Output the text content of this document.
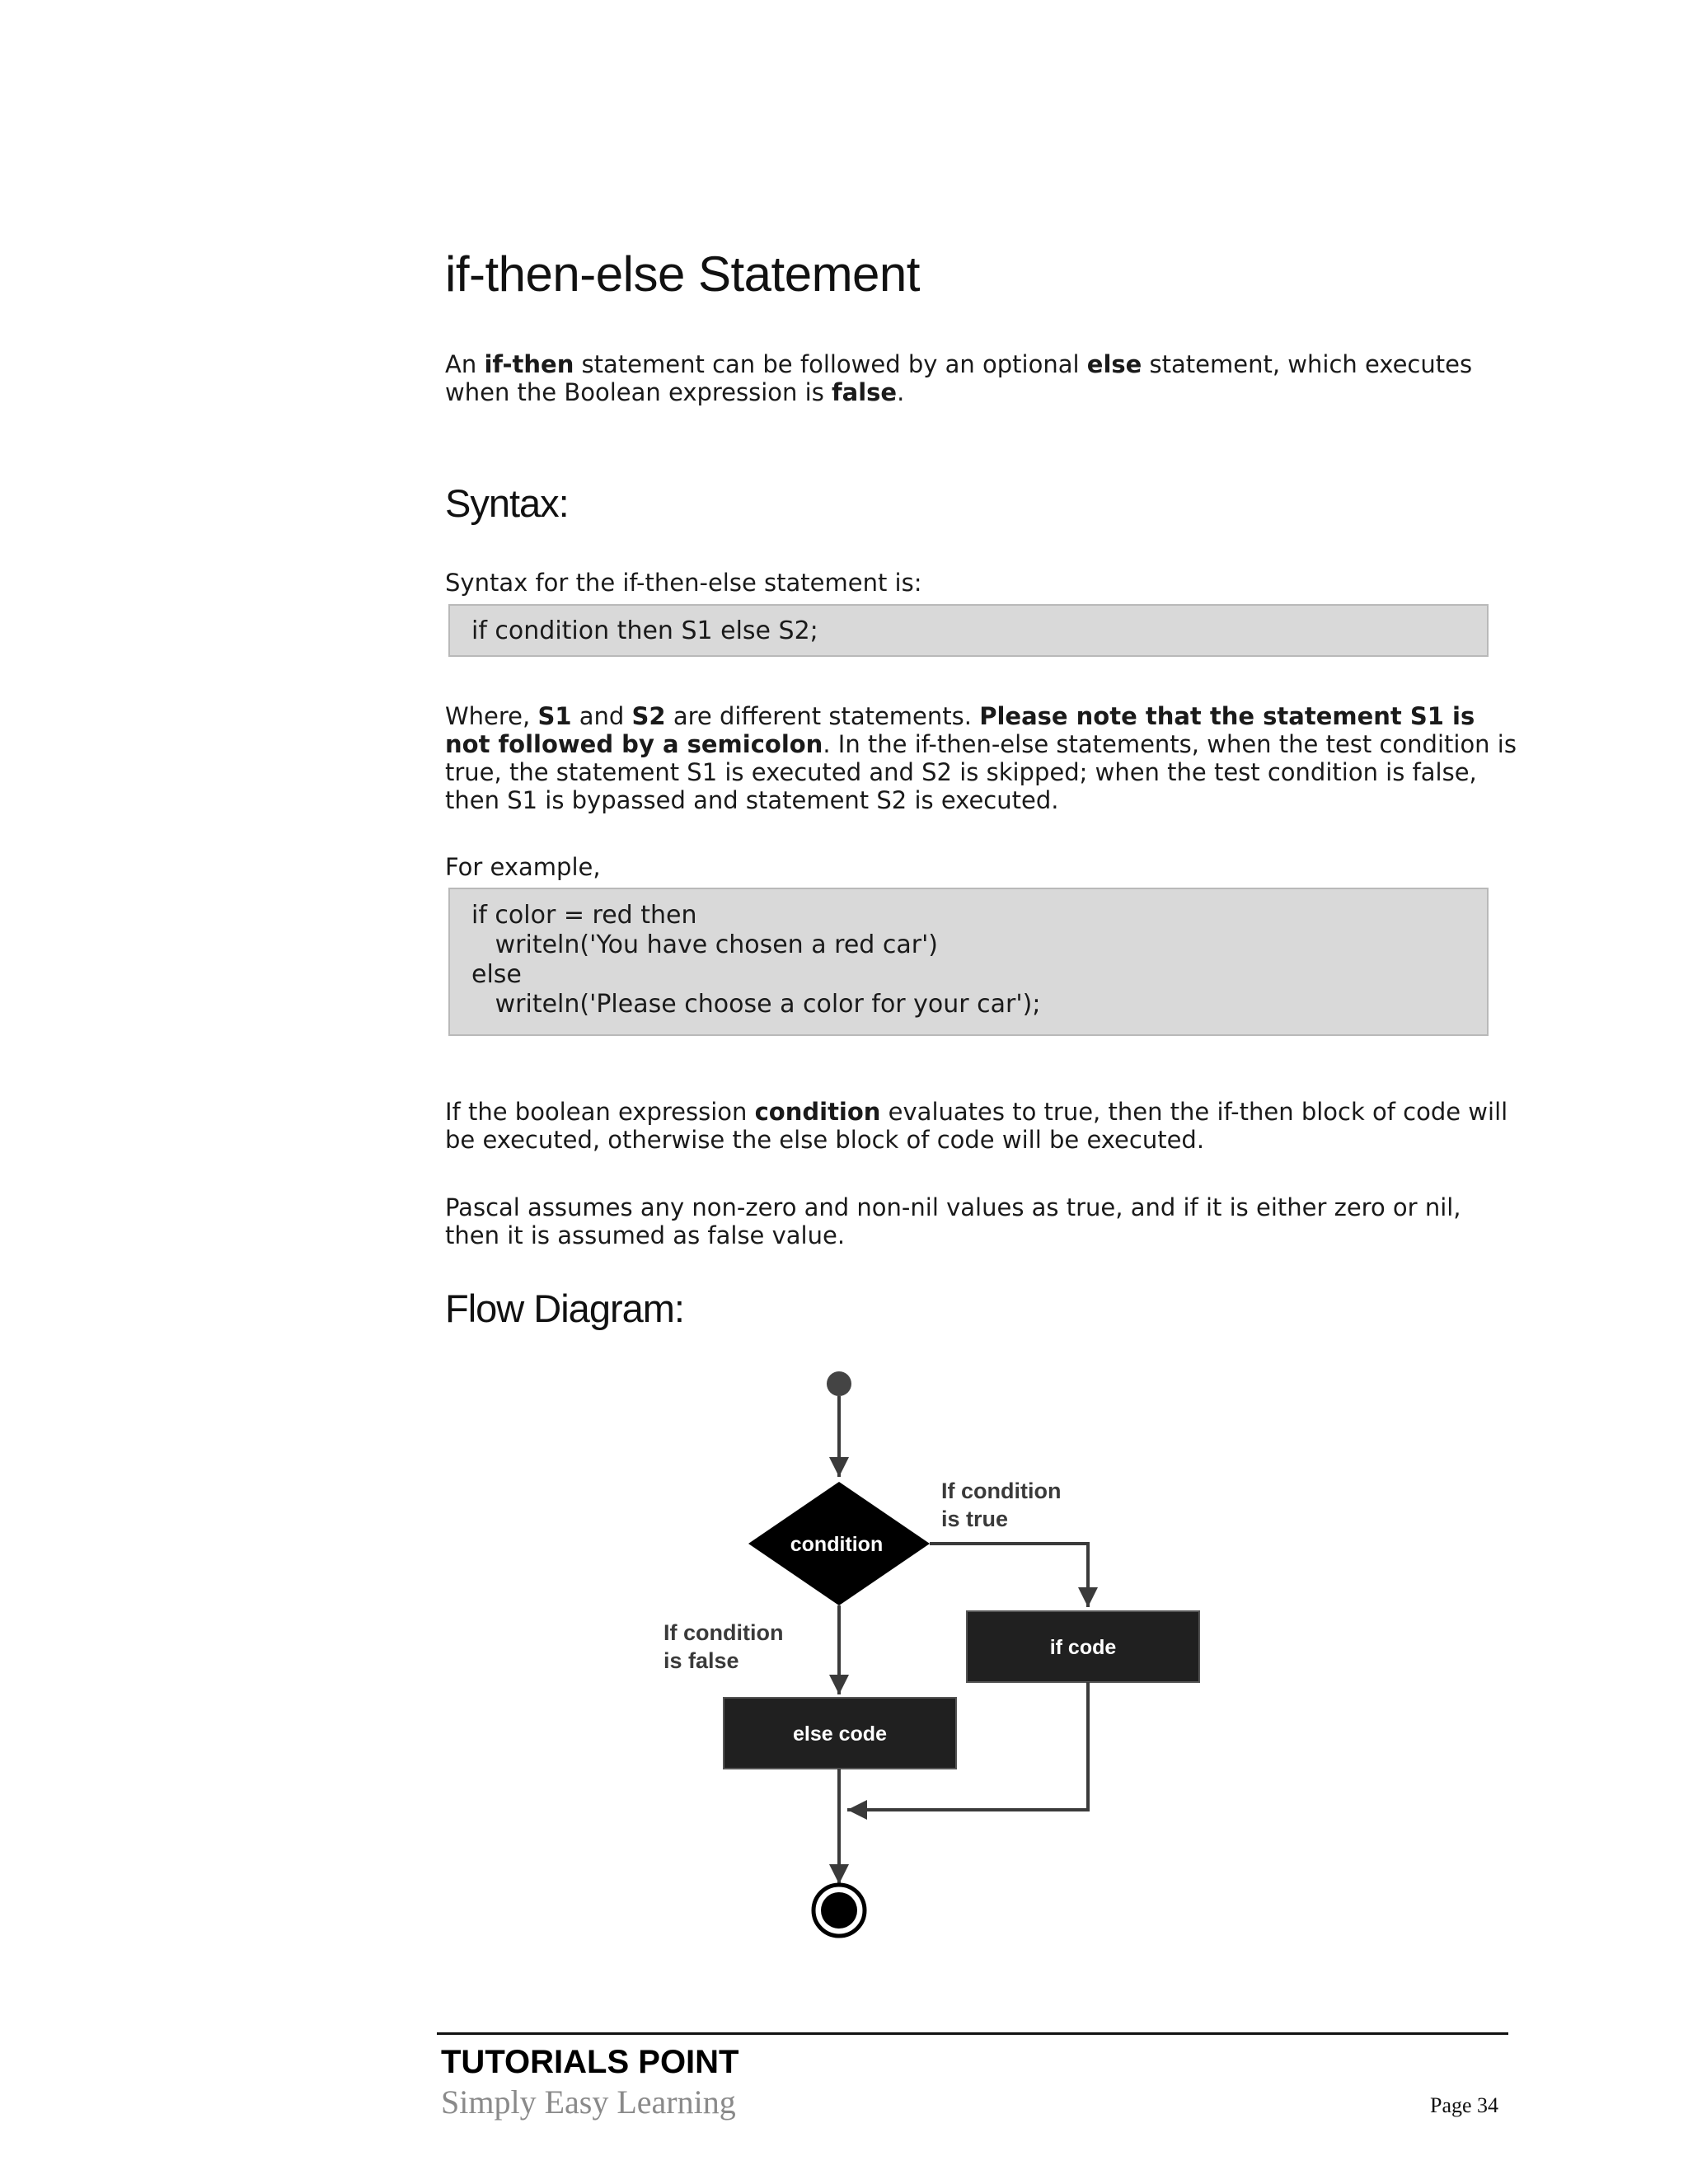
if-then-else Statement

An if-then statement can be followed by an optional else statement, which executes when the Boolean expression is false.

Syntax:

Syntax for the if-then-else statement is:

if condition then S1 else S2;

Where, S1 and S2 are different statements. Please note that the statement S1 is not followed by a semicolon. In the if-then-else statements, when the test condition is true, the statement S1 is executed and S2 is skipped; when the test condition is false, then S1 is bypassed and statement S2 is executed.

For example,

if color = red then
writeln('You have chosen a red car')
else
writeln('Please choose a color for your car');

If the boolean expression condition evaluates to true, then the if-then block of code will be executed, otherwise the else block of code will be executed.

Pascal assumes any non-zero and non-nil values as true, and if it is either zero or nil, then it is assumed as false value.

Flow Diagram:
condition
If condition
is true
if code
If condition
is false
else code
TUTORIALS POINT
Simply Easy Learning	Page 34
